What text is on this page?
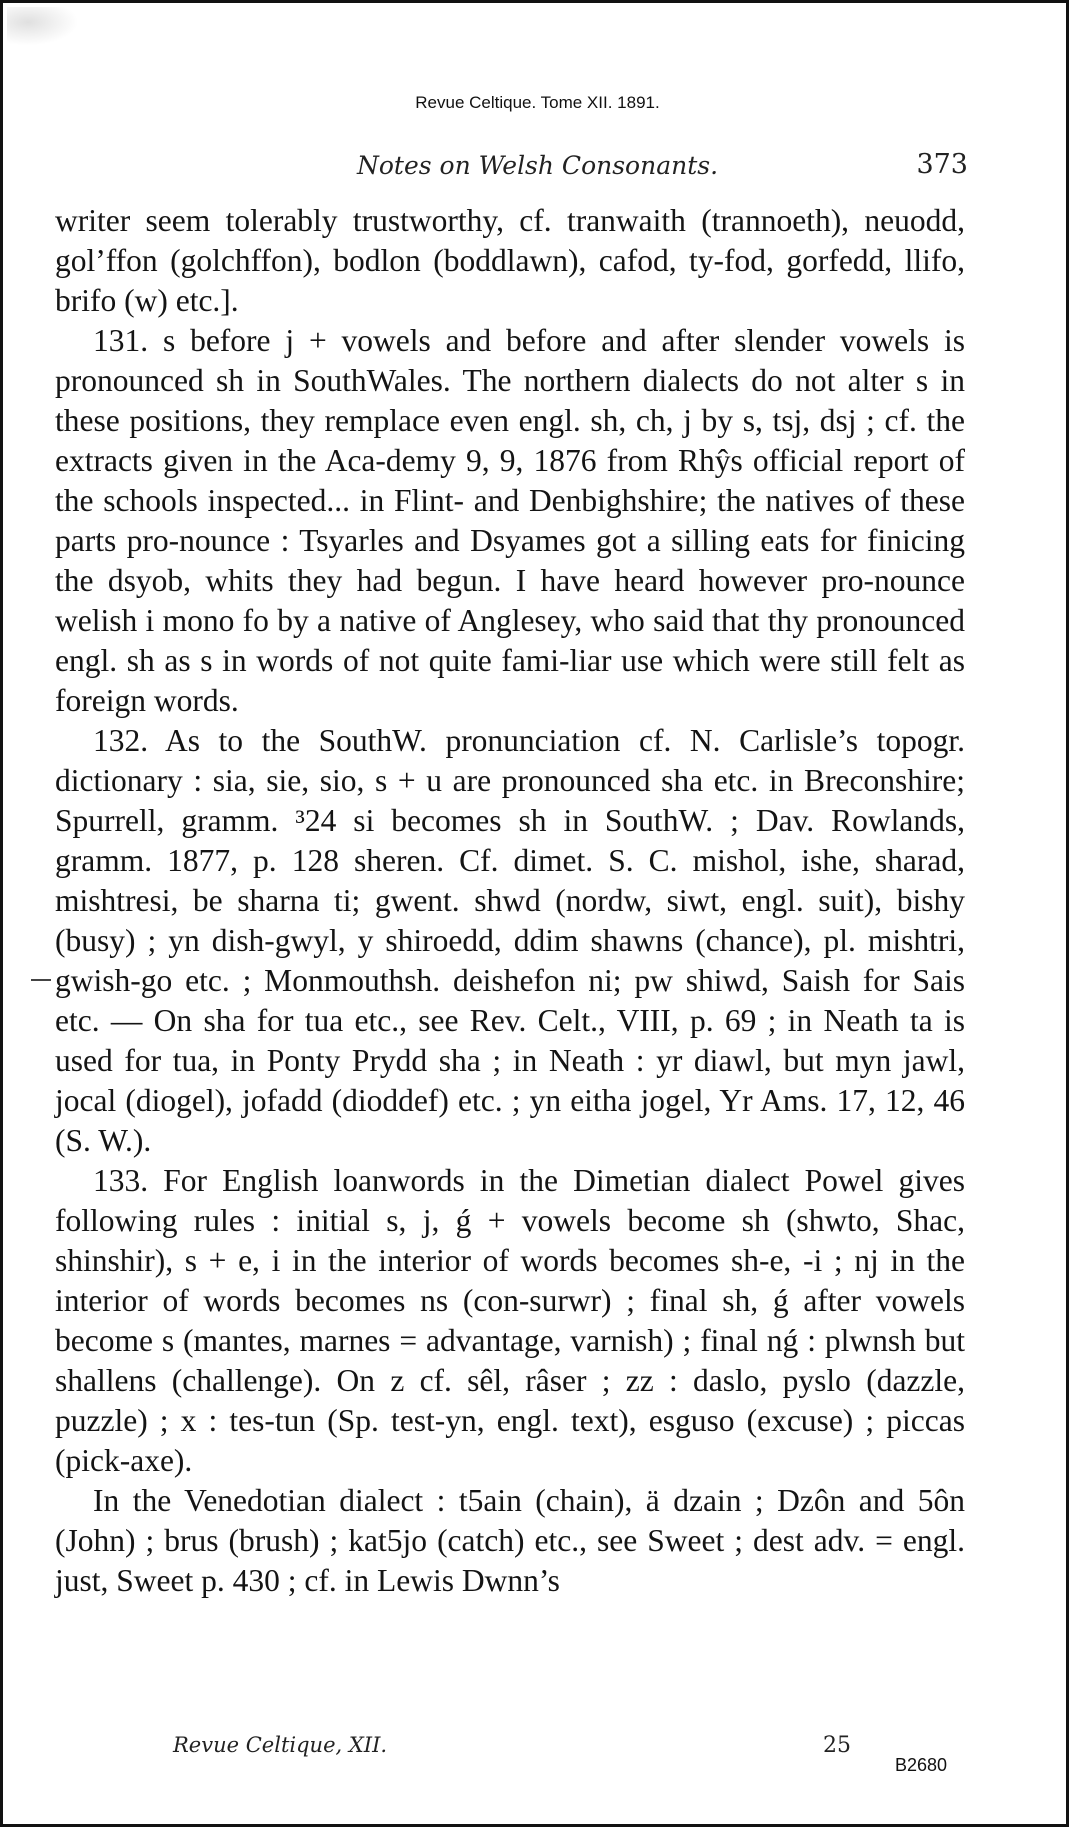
Revue Celtique. Tome XII. 1891.
Notes on Welsh Consonants.	373

writer seem tolerably trustworthy, cf. tranwaith (trannoeth), neuodd, gol’ffon (golchffon), bodlon (boddlawn), cafod, ty-fod, gorfedd, llifo, brifo (w) etc.].

131. s before j + vowels and before and after slender vowels is pronounced sh in SouthWales. The northern dialects do not alter s in these positions, they remplace even engl. sh, ch, j by s, tsj, dsj ; cf. the extracts given in the Aca-demy 9, 9, 1876 from Rhŷs official report of the schools inspected... in Flint- and Denbighshire; the natives of these parts pro-nounce : Tsyarles and Dsyames got a silling eats for finicing the dsyob, whits they had begun. I have heard however pro-nounce welish i mono fo by a native of Anglesey, who said that thy pronounced engl. sh as s in words of not quite fami-liar use which were still felt as foreign words.

132. As to the SouthW. pronunciation cf. N. Carlisle’s topogr. dictionary : sia, sie, sio, s + u are pronounced sha etc. in Breconshire; Spurrell, gramm. ³24 si becomes sh in SouthW. ; Dav. Rowlands, gramm. 1877, p. 128 sheren. Cf. dimet. S. C. mishol, ishe, sharad, mishtresi, be sharna ti; gwent. shwd (nordw, siwt, engl. suit), bishy (busy) ; yn dish-gwyl, y shiroedd, ddim shawns (chance), pl. mishtri, gwish-go etc. ; Monmouthsh. deishefon ni; pw shiwd, Saish for Sais etc. — On sha for tua etc., see Rev. Celt., VIII, p. 69 ; in Neath ta is used for tua, in Ponty Prydd sha ; in Neath : yr diawl, but myn jawl, jocal (diogel), jofadd (dioddef) etc. ; yn eitha jogel, Yr Ams. 17, 12, 46 (S. W.).

133. For English loanwords in the Dimetian dialect Powel gives following rules : initial s, j, ǵ + vowels become sh (shwto, Shac, shinshir), s + e, i in the interior of words becomes sh-e, -i ; nj in the interior of words becomes ns (con-surwr) ; final sh, ǵ after vowels become s (mantes, marnes = advantage, varnish) ; final nǵ : plwnsh but shallens (challenge). On z cf. sêl, râser ; zz : daslo, pyslo (dazzle, puzzle) ; x : tes-tun (Sp. test-yn, engl. text), esguso (excuse) ; piccas (pick-axe).

In the Venedotian dialect : t5ain (chain), ä dzain ; Dzôn and 5ôn (John) ; brus (brush) ; kat5jo (catch) etc., see Sweet ; dest adv. = engl. just, Sweet p. 430 ; cf. in Lewis Dwnn’s

Revue Celtique, XII.	25
B2680
